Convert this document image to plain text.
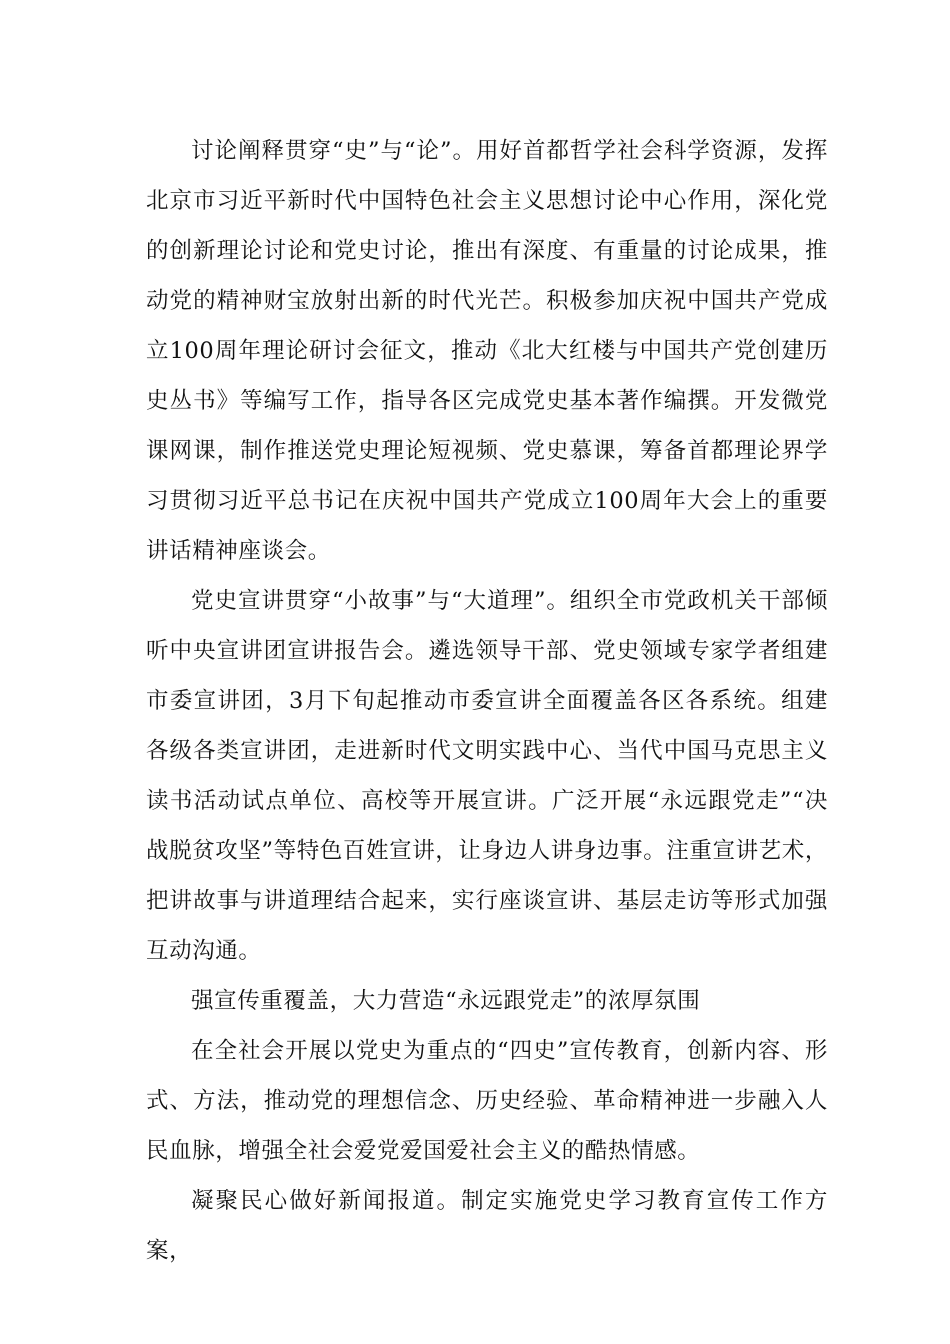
讨论阐释贯穿“史”与“论”。用好首都哲学社会科学资源，发挥北京市习近平新时代中国特色社会主义思想讨论中心作用，深化党的创新理论讨论和党史讨论，推出有深度、有重量的讨论成果，推动党的精神财宝放射出新的时代光芒。积极参加庆祝中国共产党成立100周年理论研讨会征文，推动《北大红楼与中国共产党创建历史丛书》等编写工作，指导各区完成党史基本著作编撰。开发微党课网课，制作推送党史理论短视频、党史慕课，筹备首都理论界学习贯彻习近平总书记在庆祝中国共产党成立100周年大会上的重要讲话精神座谈会。

党史宣讲贯穿“小故事”与“大道理”。组织全市党政机关干部倾听中央宣讲团宣讲报告会。遴选领导干部、党史领域专家学者组建市委宣讲团，3月下旬起推动市委宣讲全面覆盖各区各系统。组建各级各类宣讲团，走进新时代文明实践中心、当代中国马克思主义读书活动试点单位、高校等开展宣讲。广泛开展“永远跟党走”“决战脱贫攻坚”等特色百姓宣讲，让身边人讲身边事。注重宣讲艺术，把讲故事与讲道理结合起来，实行座谈宣讲、基层走访等形式加强互动沟通。

强宣传重覆盖，大力营造“永远跟党走”的浓厚氛围

在全社会开展以党史为重点的“四史”宣传教育，创新内容、形式、方法，推动党的理想信念、历史经验、革命精神进一步融入人民血脉，增强全社会爱党爱国爱社会主义的酷热情感。

凝聚民心做好新闻报道。制定实施党史学习教育宣传工作方案，
